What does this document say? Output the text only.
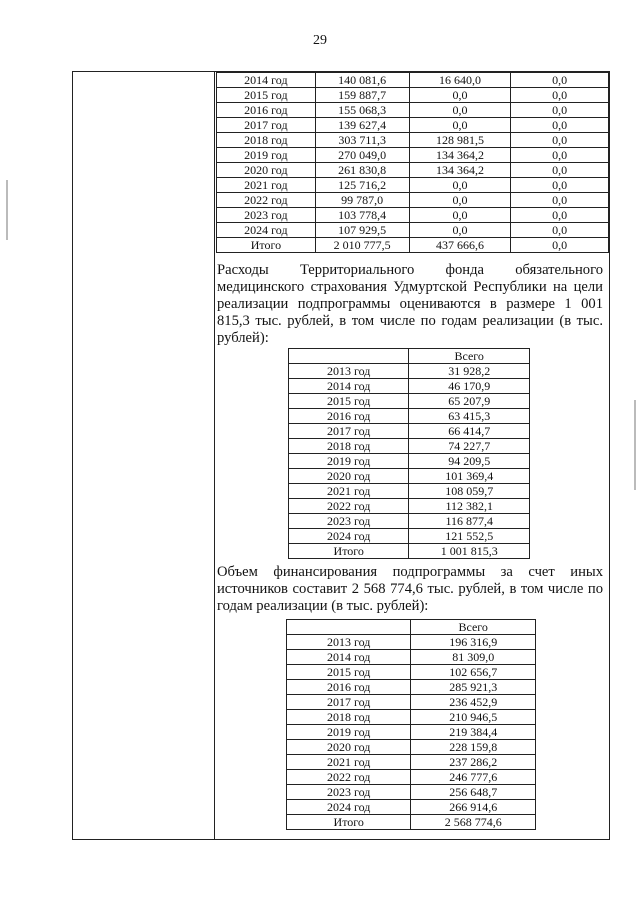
29
2014 год	140 081,6	16 640,0	0,0
2015 год	159 887,7	0,0	0,0
2016 год	155 068,3	0,0	0,0
2017 год	139 627,4	0,0	0,0
2018 год	303 711,3	128 981,5	0,0
2019 год	270 049,0	134 364,2	0,0
2020 год	261 830,8	134 364,2	0,0
2021 год	125 716,2	0,0	0,0
2022 год	99 787,0	0,0	0,0
2023 год	103 778,4	0,0	0,0
2024 год	107 929,5	0,0	0,0
Итого	2 010 777,5	437 666,6	0,0
Расходы Территориального фонда обязательного медицинского страхования Удмуртской Республики на цели реализации подпрограммы оцениваются в размере 1 001 815,3 тыс. рублей, в том числе по годам реализации (в тыс. рублей):
	Всего
2013 год	31 928,2
2014 год	46 170,9
2015 год	65 207,9
2016 год	63 415,3
2017 год	66 414,7
2018 год	74 227,7
2019 год	94 209,5
2020 год	101 369,4
2021 год	108 059,7
2022 год	112 382,1
2023 год	116 877,4
2024 год	121 552,5
Итого	1 001 815,3
Объем финансирования подпрограммы за счет иных источников составит 2 568 774,6 тыс. рублей, в том числе по годам реализации (в тыс. рублей):
	Всего
2013 год	196 316,9
2014 год	81 309,0
2015 год	102 656,7
2016 год	285 921,3
2017 год	236 452,9
2018 год	210 946,5
2019 год	219 384,4
2020 год	228 159,8
2021 год	237 286,2
2022 год	246 777,6
2023 год	256 648,7
2024 год	266 914,6
Итого	2 568 774,6
